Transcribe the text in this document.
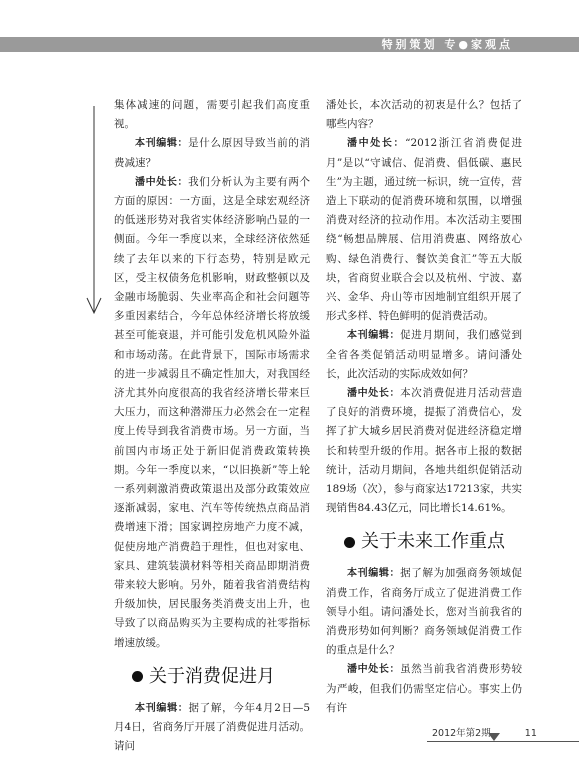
特别策划 专●家观点

集体减速的问题，需要引起我们高度重视。

本刊编辑：是什么原因导致当前的消费减速？

潘中处长：我们分析认为主要有两个方面的原因：一方面，这是全球宏观经济的低迷形势对我省实体经济影响凸显的一侧面。今年一季度以来，全球经济依然延续了去年以来的下行态势，特别是欧元区，受主权债务危机影响，财政整顿以及金融市场脆弱、失业率高企和社会问题等多重因素结合，今年总体经济增长将放缓甚至可能衰退，并可能引发危机风险外溢和市场动荡。在此背景下，国际市场需求的进一步减弱且不确定性加大，对我国经济尤其外向度很高的我省经济增长带来巨大压力，而这种潜滞压力必然会在一定程度上传导到我省消费市场。另一方面，当前国内市场正处于新旧促消费政策转换期。今年一季度以来，“以旧换新”等上轮一系列刺激消费政策退出及部分政策效应逐渐减弱，家电、汽车等传统热点商品消费增速下滑；国家调控房地产力度不减，促使房地产消费趋于理性，但也对家电、家具、建筑装潢材料等相关商品即期消费带来较大影响。另外，随着我省消费结构升级加快，居民服务类消费支出上升，也导致了以商品购买为主要构成的社零指标增速放缓。

关于消费促进月

本刊编辑：据了解，今年4月2日—5月4日，省商务厅开展了消费促进月活动。请问

潘处长，本次活动的初衷是什么？包括了哪些内容？

潘中处长：“2012浙江省消费促进月”是以“守诚信、促消费、倡低碳、惠民生”为主题，通过统一标识，统一宣传，营造上下联动的促消费环境和氛围，以增强消费对经济的拉动作用。本次活动主要围绕“畅想品牌展、信用消费惠、网络放心购、绿色消费行、餐饮美食汇”等五大版块，省商贸业联合会以及杭州、宁波、嘉兴、金华、舟山等市因地制宜组织开展了形式多样、特色鲜明的促消费活动。

本刊编辑：促进月期间，我们感觉到全省各类促销活动明显增多。请问潘处长，此次活动的实际成效如何？

潘中处长：本次消费促进月活动营造了良好的消费环境，提振了消费信心，发挥了扩大城乡居民消费对促进经济稳定增长和转型升级的作用。据各市上报的数据统计，活动月期间，各地共组织促销活动189场（次），参与商家达17213家，共实现销售84.43亿元，同比增长14.61%。

关于未来工作重点

本刊编辑：据了解为加强商务领域促消费工作，省商务厅成立了促进消费工作领导小组。请问潘处长，您对当前我省的消费形势如何判断？商务领域促消费工作的重点是什么？

潘中处长：虽然当前我省消费形势较为严峻，但我们仍需坚定信心。事实上仍有许

2012年第2期	11
